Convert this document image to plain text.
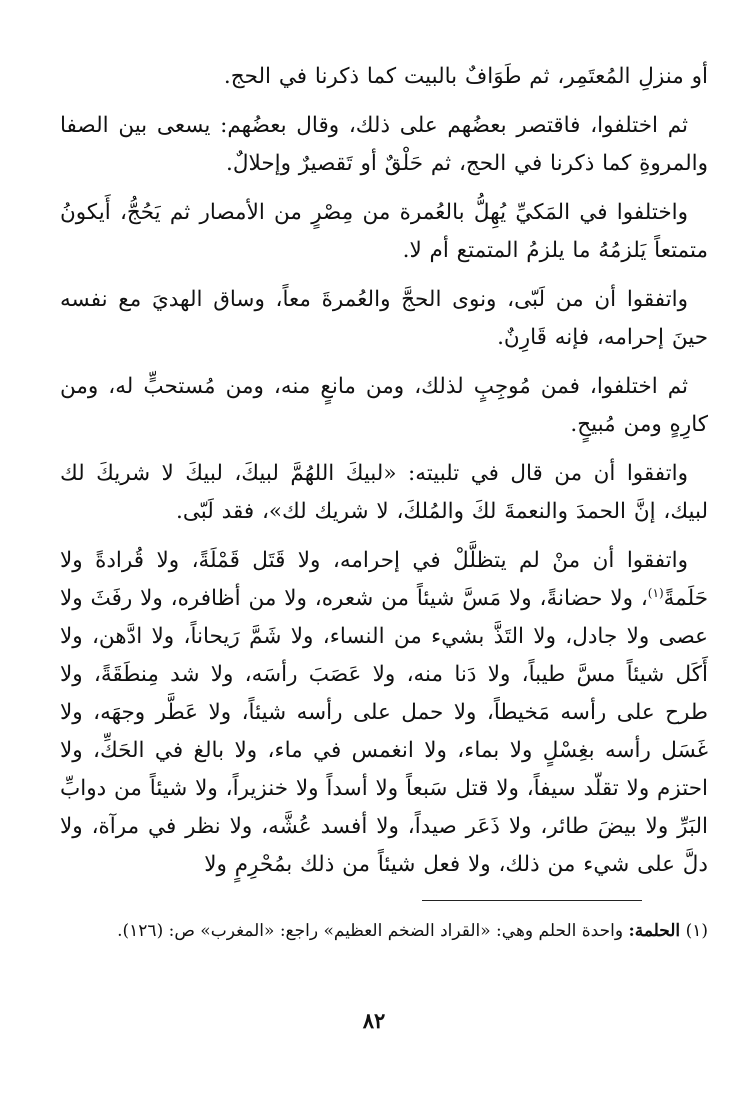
أو منزلِ المُعتَمِر، ثم طَوَافٌ بالبيت كما ذكرنا في الحج.

ثم اختلفوا، فاقتصر بعضُهم على ذلك، وقال بعضُهم: يسعى بين الصفا والمروةِ كما ذكرنا في الحج، ثم حَلْقٌ أو تَقصيرٌ وإحلالٌ.

واختلفوا في المَكيِّ يُهِلُّ بالعُمرة من مِصْرٍ من الأمصار ثم يَحُجُّ، أَيكونُ متمتعاً يَلزمُهُ ما يلزمُ المتمتع أم لا.

واتفقوا أن من لَبّى، ونوى الحجَّ والعُمرةَ معاً، وساق الهديَ مع نفسه حينَ إحرامه، فإنه قَارِنٌ.

ثم اختلفوا، فمن مُوجِبٍ لذلك، ومن مانعٍ منه، ومن مُستحبٍّ له، ومن كارِهٍ ومن مُبيحٍ.

واتفقوا أن من قال في تلبيته: «لبيكَ اللهُمَّ لبيكَ، لبيكَ لا شريكَ لك لبيك، إنَّ الحمدَ والنعمةَ لكَ والمُلكَ، لا شريك لك»، فقد لَبّى.

واتفقوا أن منْ لم يتظلَّلْ في إحرامه، ولا قَتَل قَمْلَةً، ولا قُرادةً ولا حَلَمةً$^{(١)}$، ولا حضانةً، ولا مَسَّ شيئاً من شعره، ولا من أظافره، ولا رفَثَ ولا عصى ولا جادل، ولا التَذَّ بشيء من النساء، ولا شَمَّ رَيحاناً، ولا ادَّهن، ولا أَكَل شيئاً مسَّ طيباً، ولا دَنا منه، ولا عَصَبَ رأسَه، ولا شد مِنطَقَةً، ولا طرح على رأسه مَخيطاً، ولا حمل على رأسه شيئاً، ولا عَطَّر وجهَه، ولا غَسَل رأسه بغِسْلٍ ولا بماء، ولا انغمس في ماء، ولا بالغ في الحَكِّ، ولا احتزم ولا تقلّد سيفاً، ولا قتل سَبعاً ولا أسداً ولا خنزيراً، ولا شيئاً من دوابِّ البَرِّ ولا بيضَ طائر، ولا ذَعَر صيداً، ولا أفسد عُشَّه، ولا نظر في مرآة، ولا دلَّ على شيء من ذلك، ولا فعل شيئاً من ذلك بمُحْرِمٍ ولا

(١) الحلمة: واحدة الحلم وهي: «القراد الضخم العظيم» راجع: «المغرب» ص: (١٢٦).
٨٢
